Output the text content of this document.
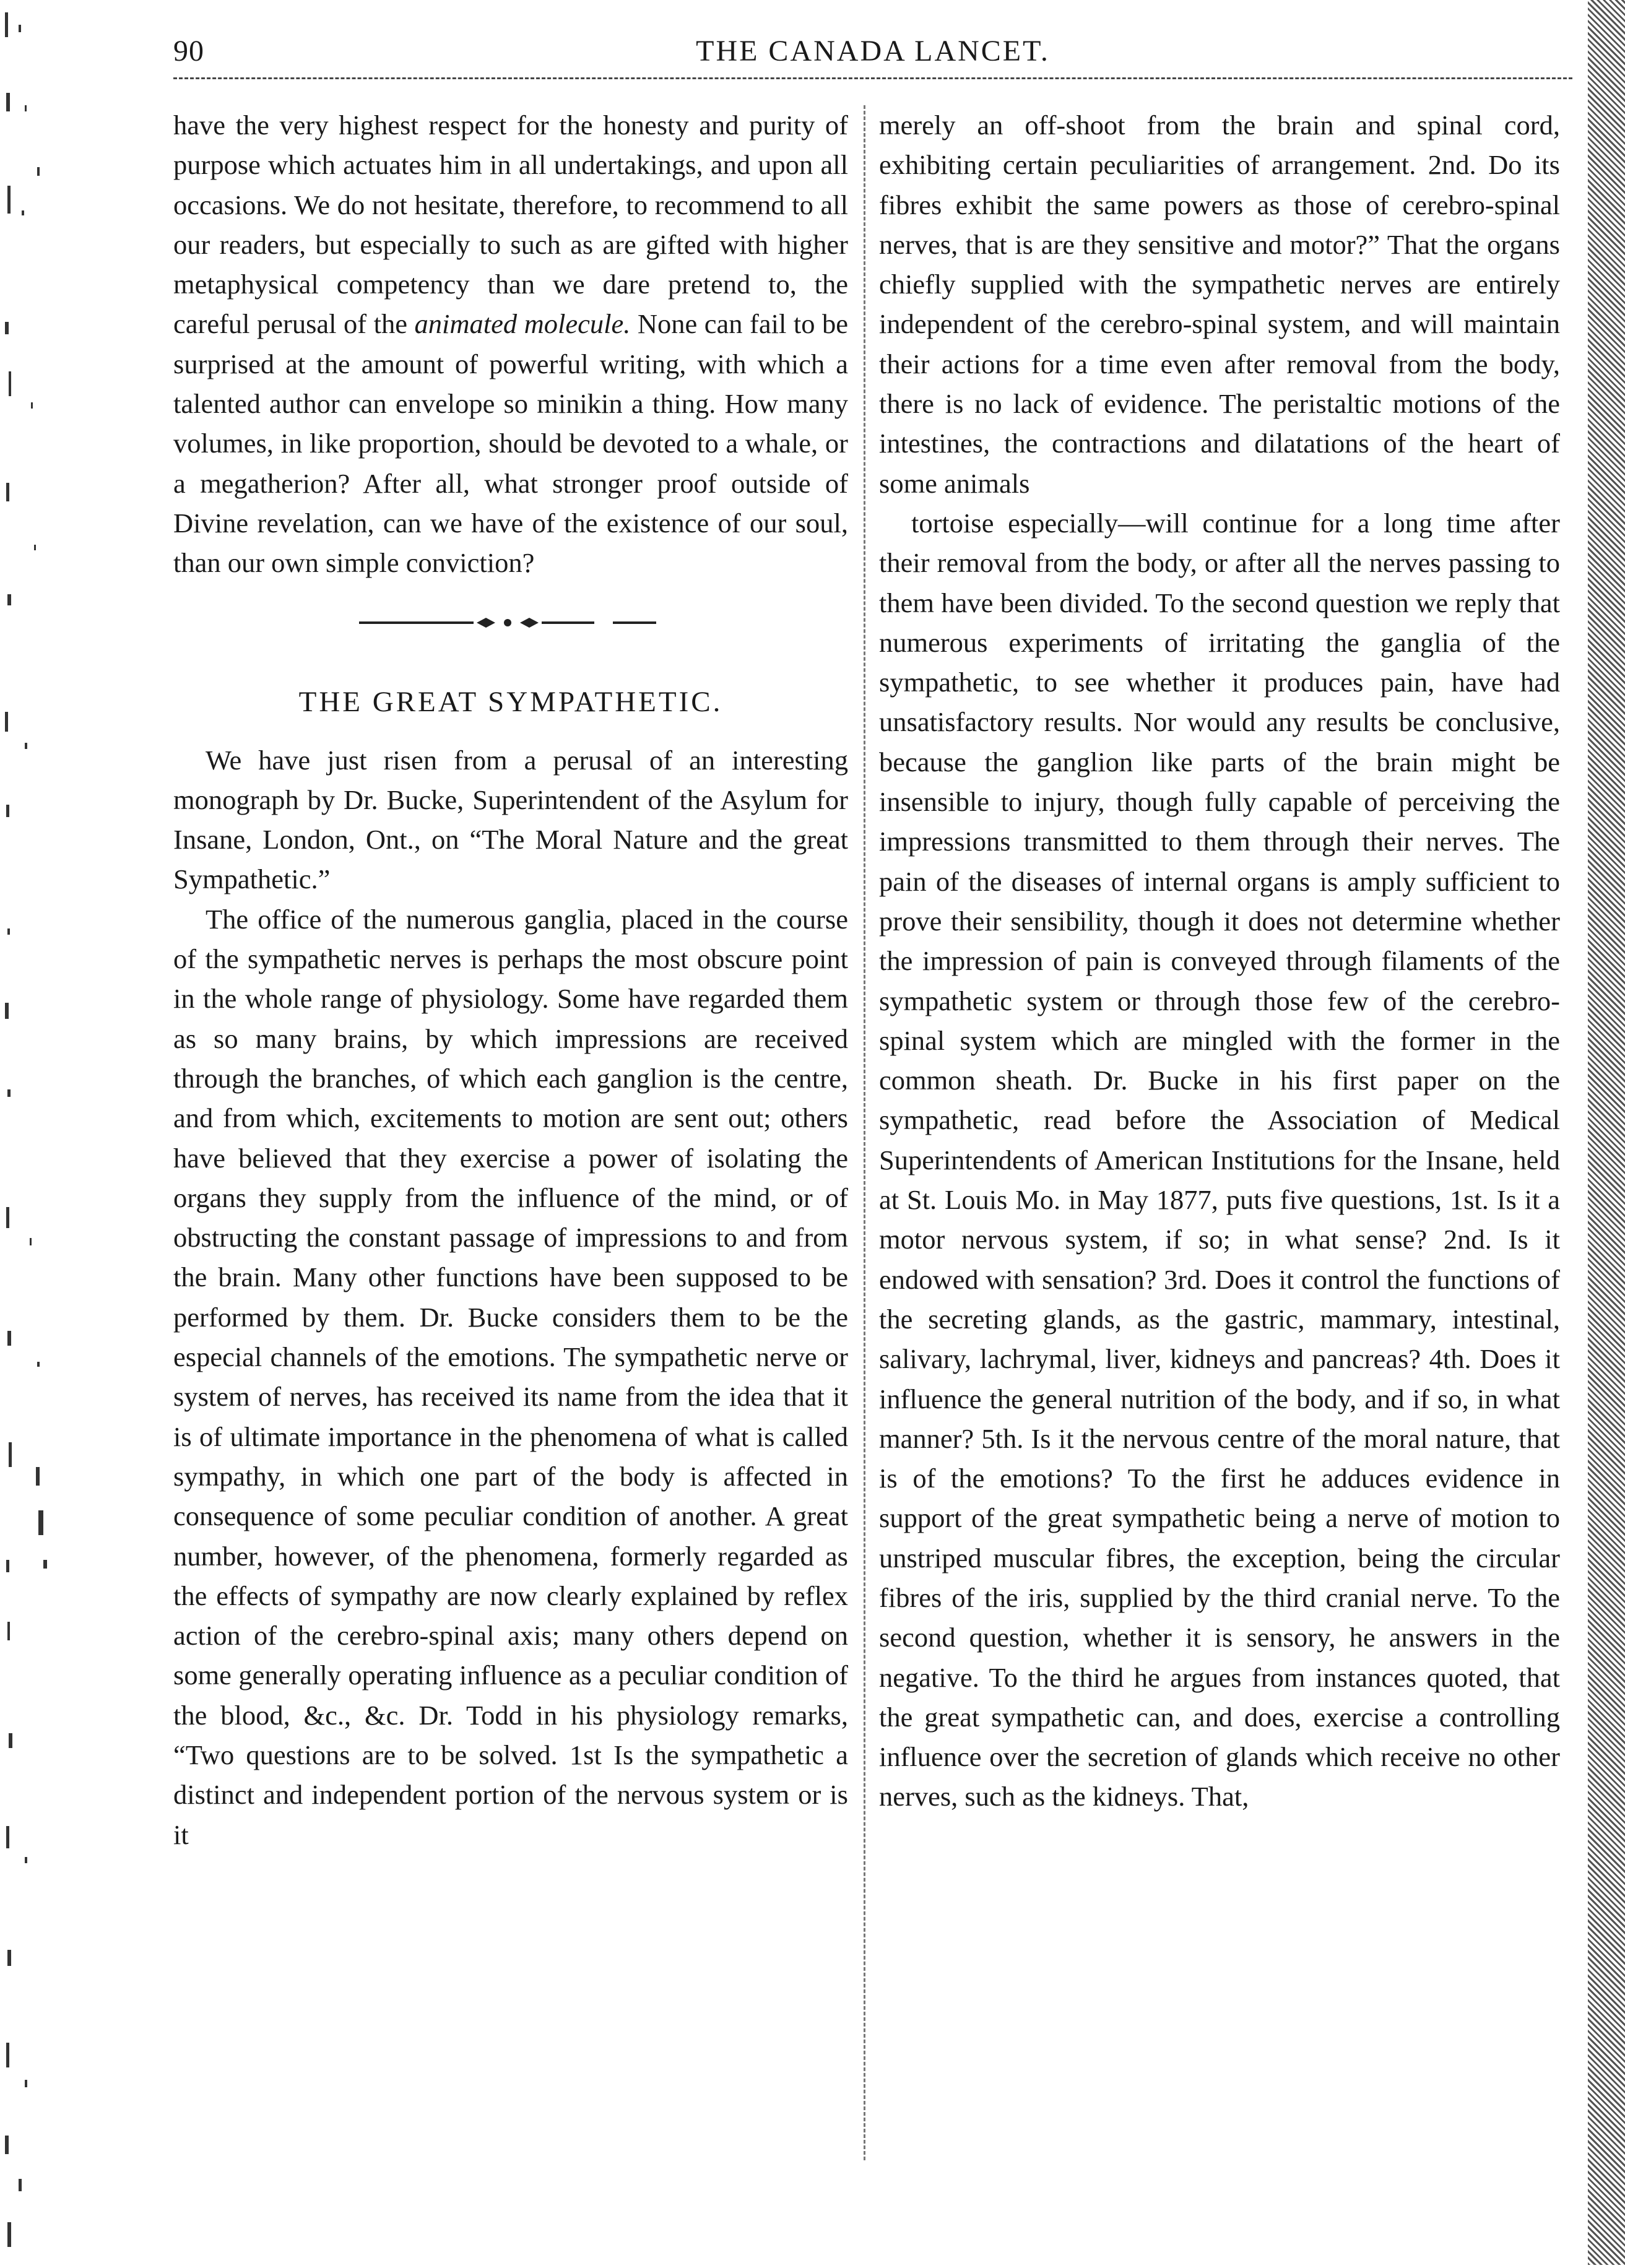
90	THE CANADA LANCET.

have the very highest respect for the honesty and purity of purpose which actuates him in all undertakings, and upon all occasions. We do not hesitate, therefore, to recommend to all our readers, but especially to such as are gifted with higher metaphysical competency than we dare pretend to, the careful perusal of the animated molecule. None can fail to be surprised at the amount of powerful writing, with which a talented author can envelope so minikin a thing. How many volumes, in like proportion, should be devoted to a whale, or a megatherion? After all, what stronger proof outside of Divine revelation, can we have of the existence of our soul, than our own simple conviction?

THE GREAT SYMPATHETIC.

We have just risen from a perusal of an interesting monograph by Dr. Bucke, Superintendent of the Asylum for Insane, London, Ont., on “The Moral Nature and the great Sympathetic.”

The office of the numerous ganglia, placed in the course of the sympathetic nerves is perhaps the most obscure point in the whole range of physiology. Some have regarded them as so many brains, by which impressions are received through the branches, of which each ganglion is the centre, and from which, excitements to motion are sent out; others have believed that they exercise a power of isolating the organs they supply from the influence of the mind, or of obstructing the constant passage of impressions to and from the brain. Many other functions have been supposed to be performed by them. Dr. Bucke considers them to be the especial channels of the emotions. The sympathetic nerve or system of nerves, has received its name from the idea that it is of ultimate importance in the phenomena of what is called sympathy, in which one part of the body is affected in consequence of some peculiar condition of another. A great number, however, of the phenomena, formerly regarded as the effects of sympathy are now clearly explained by reflex action of the cerebro-spinal axis; many others depend on some generally operating influence as a peculiar condition of the blood, &c., &c. Dr. Todd in his physiology remarks, “Two questions are to be solved. 1st Is the sympathetic a distinct and independent portion of the nervous system or is it

merely an off-shoot from the brain and spinal cord, exhibiting certain peculiarities of arrangement. 2nd. Do its fibres exhibit the same powers as those of cerebro-spinal nerves, that is are they sensitive and motor?” That the organs chiefly supplied with the sympathetic nerves are entirely independent of the cerebro-spinal system, and will maintain their actions for a time even after removal from the body, there is no lack of evidence. The peristaltic motions of the intestines, the contractions and dilatations of the heart of some animals

tortoise especially—will continue for a long time after their removal from the body, or after all the nerves passing to them have been divided. To the second question we reply that numerous experiments of irritating the ganglia of the sympathetic, to see whether it produces pain, have had unsatisfactory results. Nor would any results be conclusive, because the ganglion like parts of the brain might be insensible to injury, though fully capable of perceiving the impressions transmitted to them through their nerves. The pain of the diseases of internal organs is amply sufficient to prove their sensibility, though it does not determine whether the impression of pain is conveyed through filaments of the sympathetic system or through those few of the cerebro-spinal system which are mingled with the former in the common sheath. Dr. Bucke in his first paper on the sympathetic, read before the Association of Medical Superintendents of American Institutions for the Insane, held at St. Louis Mo. in May 1877, puts five questions, 1st. Is it a motor nervous system, if so; in what sense? 2nd. Is it endowed with sensation? 3rd. Does it control the functions of the secreting glands, as the gastric, mammary, intestinal, salivary, lachrymal, liver, kidneys and pancreas? 4th. Does it influence the general nutrition of the body, and if so, in what manner? 5th. Is it the nervous centre of the moral nature, that is of the emotions? To the first he adduces evidence in support of the great sympathetic being a nerve of motion to unstriped muscular fibres, the exception, being the circular fibres of the iris, supplied by the third cranial nerve. To the second question, whether it is sensory, he answers in the negative. To the third he argues from instances quoted, that the great sympathetic can, and does, exercise a controlling influence over the secretion of glands which receive no other nerves, such as the kidneys. That,
